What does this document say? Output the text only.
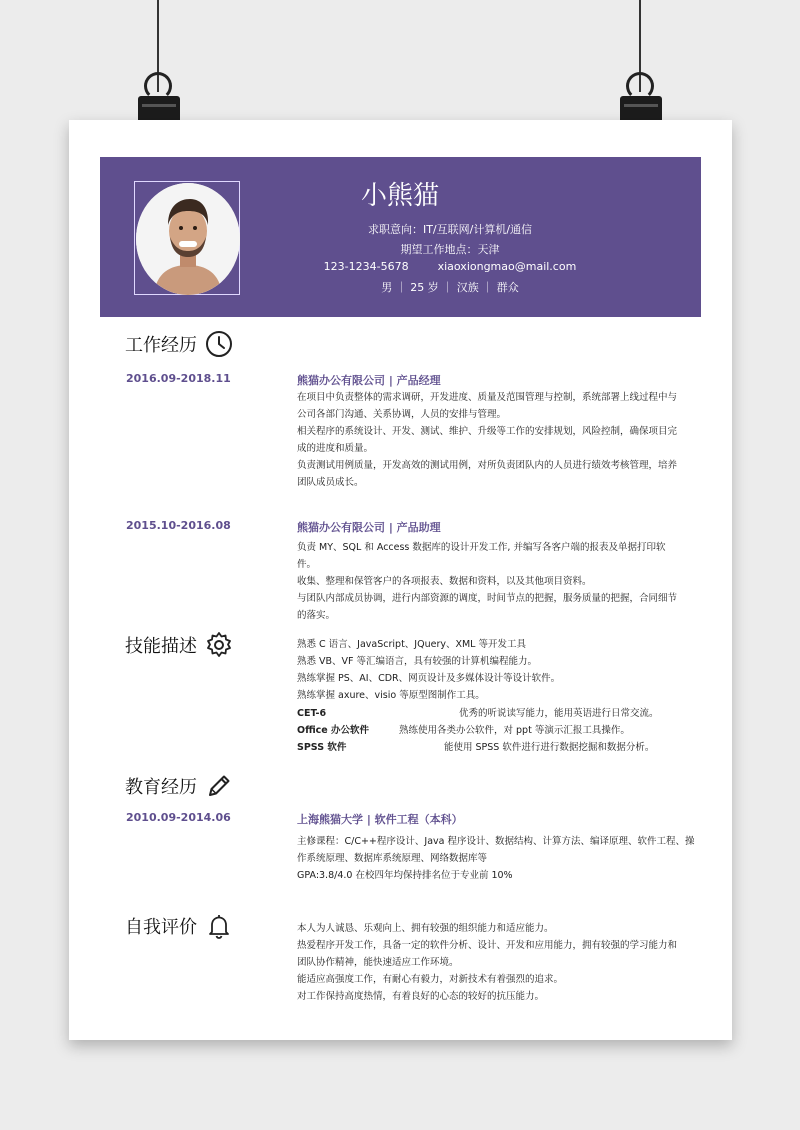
小熊猫
求职意向：IT/互联网/计算机/通信
期望工作地点：天津
123-1234-5678	xiaoxiongmao@mail.com
男 ｜ 25 岁 ｜ 汉族 ｜ 群众
工作经历
2016.09-2018.11	熊猫办公有限公司 | 产品经理
在项目中负责整体的需求调研，开发进度、质量及范围管理与控制，系统部署上线过程中与
公司各部门沟通、关系协调，人员的安排与管理。
相关程序的系统设计、开发、测试、维护、升级等工作的安排规划，风险控制，确保项目完
成的进度和质量。
负责测试用例质量，开发高效的测试用例，对所负责团队内的人员进行绩效考核管理，培养
团队成员成长。
2015.10-2016.08	熊猫办公有限公司 | 产品助理
负责 MY、SQL 和 Access 数据库的设计开发工作, 并编写各客户端的报表及单据打印软件。
收集、整理和保管客户的各项报表、数据和资料，以及其他项目资料。
与团队内部成员协调，进行内部资源的调度，时间节点的把握，服务质量的把握，合同细节
的落实。
技能描述	熟悉 C 语言、JavaScript、JQuery、XML 等开发工具
熟悉 VB、VF 等汇编语言，具有较强的计算机编程能力。
熟练掌握 PS、AI、CDR、网页设计及多媒体设计等设计软件。
熟练掌握 axure、visio 等原型图制作工具。
CET-6	优秀的听说读写能力，能用英语进行日常交流。
Office 办公软件	熟练使用各类办公软件，对 ppt 等演示汇报工具操作。
SPSS 软件	能使用 SPSS 软件进行进行数据挖掘和数据分析。
教育经历
2010.09-2014.06	上海熊猫大学 | 软件工程（本科）
主修课程：C/C++程序设计、Java 程序设计、数据结构、计算方法、编译原理、软件工程、操
作系统原理、数据库系统原理、网络数据库等
GPA:3.8/4.0 在校四年均保持排名位于专业前 10%
自我评价	本人为人诚恳、乐观向上、拥有较强的组织能力和适应能力。
热爱程序开发工作，具备一定的软件分析、设计、开发和应用能力，拥有较强的学习能力和
团队协作精神，能快速适应工作环境。
能适应高强度工作，有耐心有毅力，对新技术有着强烈的追求。
对工作保持高度热情，有着良好的心态的较好的抗压能力。
